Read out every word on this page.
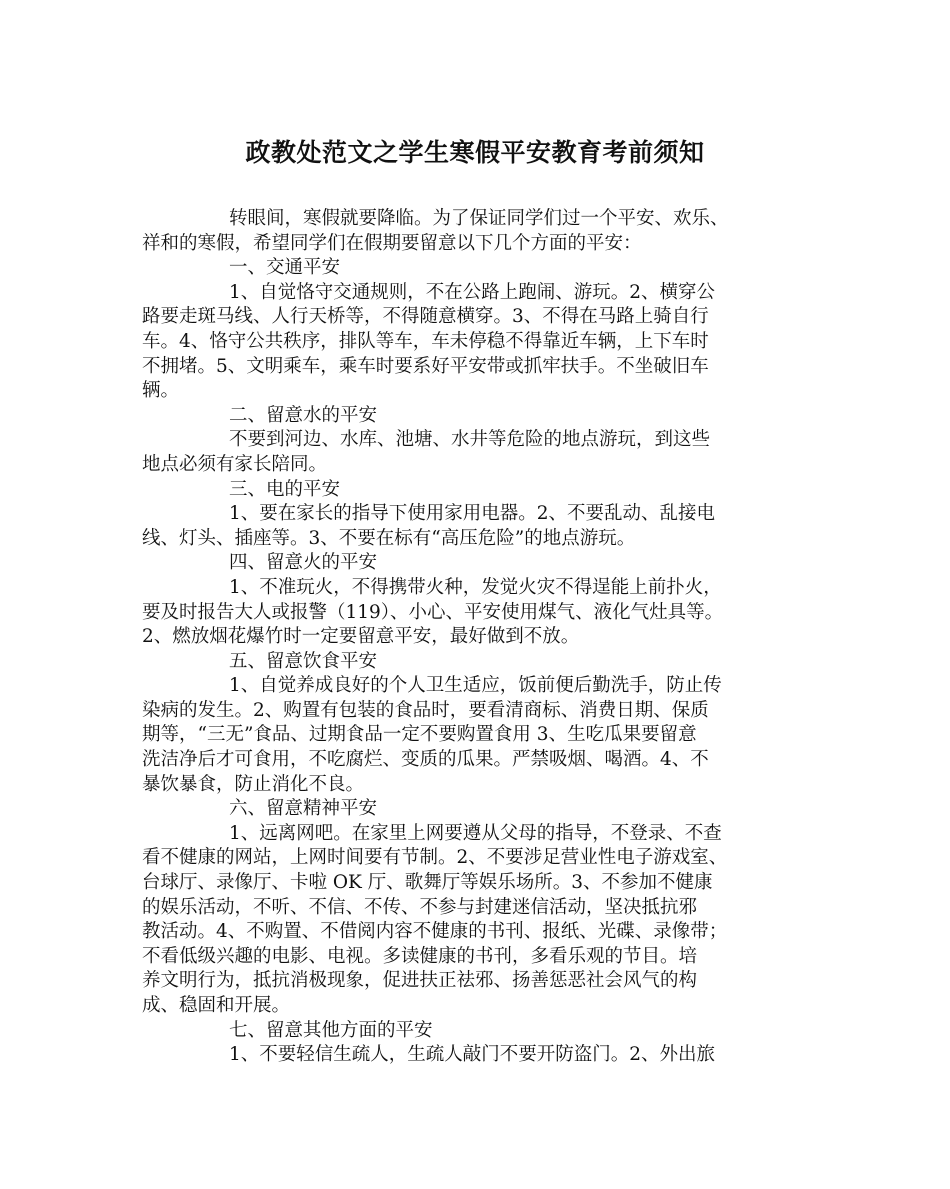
政教处范文之学生寒假平安教育考前须知
转眼间，寒假就要降临。为了保证同学们过一个平安、欢乐、
祥和的寒假，希望同学们在假期要留意以下几个方面的平安：
一、交通平安
1、自觉恪守交通规则，不在公路上跑闹、游玩。2、横穿公
路要走斑马线、人行天桥等，不得随意横穿。3、不得在马路上骑自行
车。4、恪守公共秩序，排队等车，车未停稳不得靠近车辆，上下车时
不拥堵。5、文明乘车，乘车时要系好平安带或抓牢扶手。不坐破旧车
辆。
二、留意水的平安
不要到河边、水库、池塘、水井等危险的地点游玩，到这些
地点必须有家长陪同。
三、电的平安
1、要在家长的指导下使用家用电器。2、不要乱动、乱接电
线、灯头、插座等。3、不要在标有“高压危险”的地点游玩。
四、留意火的平安
1、不准玩火，不得携带火种，发觉火灾不得逞能上前扑火，
要及时报告大人或报警（119）、小心、平安使用煤气、液化气灶具等。
2、燃放烟花爆竹时一定要留意平安，最好做到不放。
五、留意饮食平安
1、自觉养成良好的个人卫生适应，饭前便后勤洗手，防止传
染病的发生。2、购置有包装的食品时，要看清商标、消费日期、保质
期等，“三无”食品、过期食品一定不要购置食用 3、生吃瓜果要留意
洗洁净后才可食用，不吃腐烂、变质的瓜果。严禁吸烟、喝酒。4、不
暴饮暴食，防止消化不良。
六、留意精神平安
1、远离网吧。在家里上网要遵从父母的指导，不登录、不查
看不健康的网站，上网时间要有节制。2、不要涉足营业性电子游戏室、
台球厅、录像厅、卡啦 OK 厅、歌舞厅等娱乐场所。3、不参加不健康
的娱乐活动，不听、不信、不传、不参与封建迷信活动，坚决抵抗邪
教活动。4、不购置、不借阅内容不健康的书刊、报纸、光碟、录像带；
不看低级兴趣的电影、电视。多读健康的书刊，多看乐观的节目。培
养文明行为，抵抗消极现象，促进扶正祛邪、扬善惩恶社会风气的构
成、稳固和开展。
七、留意其他方面的平安
1、不要轻信生疏人，生疏人敲门不要开防盗门。2、外出旅
